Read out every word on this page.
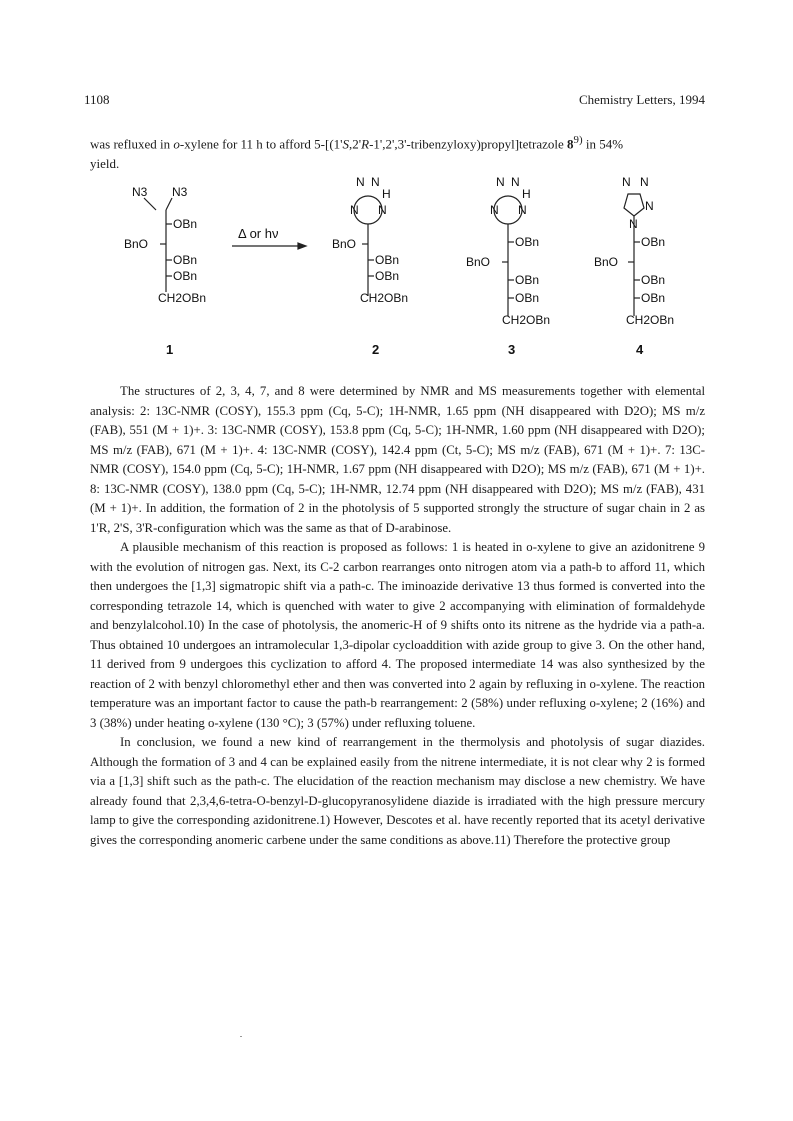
1108	Chemistry Letters, 1994
was refluxed in o-xylene for 11 h to afford 5-[(1'S,2'R-1',2',3'-tribenzyloxy)propyl]tetrazole 8$^{9)}$ in 54%
yield.
N3 N3
OBn
BnO
OBn
OBn
CH2OBn
Δ or hν
N N
N N
H
BnO
OBn
OBn
CH2OBn
N N
N N
H
OBn
BnO
OBn
OBn
CH2OBn
N N
N
N
OBn
BnO
OBn
OBn
CH2OBn
1	2	3	4

The structures of 2, 3, 4, 7, and 8 were determined by NMR and MS measurements together with elemental analysis: 2: 13C-NMR (COSY), 155.3 ppm (Cq, 5-C); 1H-NMR, 1.65 ppm (NH disappeared with D2O); MS m/z (FAB), 551 (M + 1)+. 3: 13C-NMR (COSY), 153.8 ppm (Cq, 5-C); 1H-NMR, 1.60 ppm (NH disappeared with D2O); MS m/z (FAB), 671 (M + 1)+. 4: 13C-NMR (COSY), 142.4 ppm (Ct, 5-C); MS m/z (FAB), 671 (M + 1)+. 7: 13C-NMR (COSY), 154.0 ppm (Cq, 5-C); 1H-NMR, 1.67 ppm (NH disappeared with D2O); MS m/z (FAB), 671 (M + 1)+. 8: 13C-NMR (COSY), 138.0 ppm (Cq, 5-C); 1H-NMR, 12.74 ppm (NH disappeared with D2O); MS m/z (FAB), 431 (M + 1)+. In addition, the formation of 2 in the photolysis of 5 supported strongly the structure of sugar chain in 2 as 1'R, 2'S, 3'R-configuration which was the same as that of D-arabinose.

A plausible mechanism of this reaction is proposed as follows: 1 is heated in o-xylene to give an azidonitrene 9 with the evolution of nitrogen gas. Next, its C-2 carbon rearranges onto nitrogen atom via a path-b to afford 11, which then undergoes the [1,3] sigmatropic shift via a path-c. The iminoazide derivative 13 thus formed is converted into the corresponding tetrazole 14, which is quenched with water to give 2 accompanying with elimination of formaldehyde and benzylalcohol.10) In the case of photolysis, the anomeric-H of 9 shifts onto its nitrene as the hydride via a path-a. Thus obtained 10 undergoes an intramolecular 1,3-dipolar cycloaddition with azide group to give 3. On the other hand, 11 derived from 9 undergoes this cyclization to afford 4. The proposed intermediate 14 was also synthesized by the reaction of 2 with benzyl chloromethyl ether and then was converted into 2 again by refluxing in o-xylene. The reaction temperature was an important factor to cause the path-b rearrangement: 2 (58%) under refluxing o-xylene; 2 (16%) and 3 (38%) under heating o-xylene (130 °C); 3 (57%) under refluxing toluene.

In conclusion, we found a new kind of rearrangement in the thermolysis and photolysis of sugar diazides. Although the formation of 3 and 4 can be explained easily from the nitrene intermediate, it is not clear why 2 is formed via a [1,3] shift such as the path-c. The elucidation of the reaction mechanism may disclose a new chemistry. We have already found that 2,3,4,6-tetra-O-benzyl-D-glucopyranosylidene diazide is irradiated with the high pressure mercury lamp to give the corresponding azidonitrene.1) However, Descotes et al. have recently reported that its acetyl derivative gives the corresponding anomeric carbene under the same conditions as above.11) Therefore the protective group
